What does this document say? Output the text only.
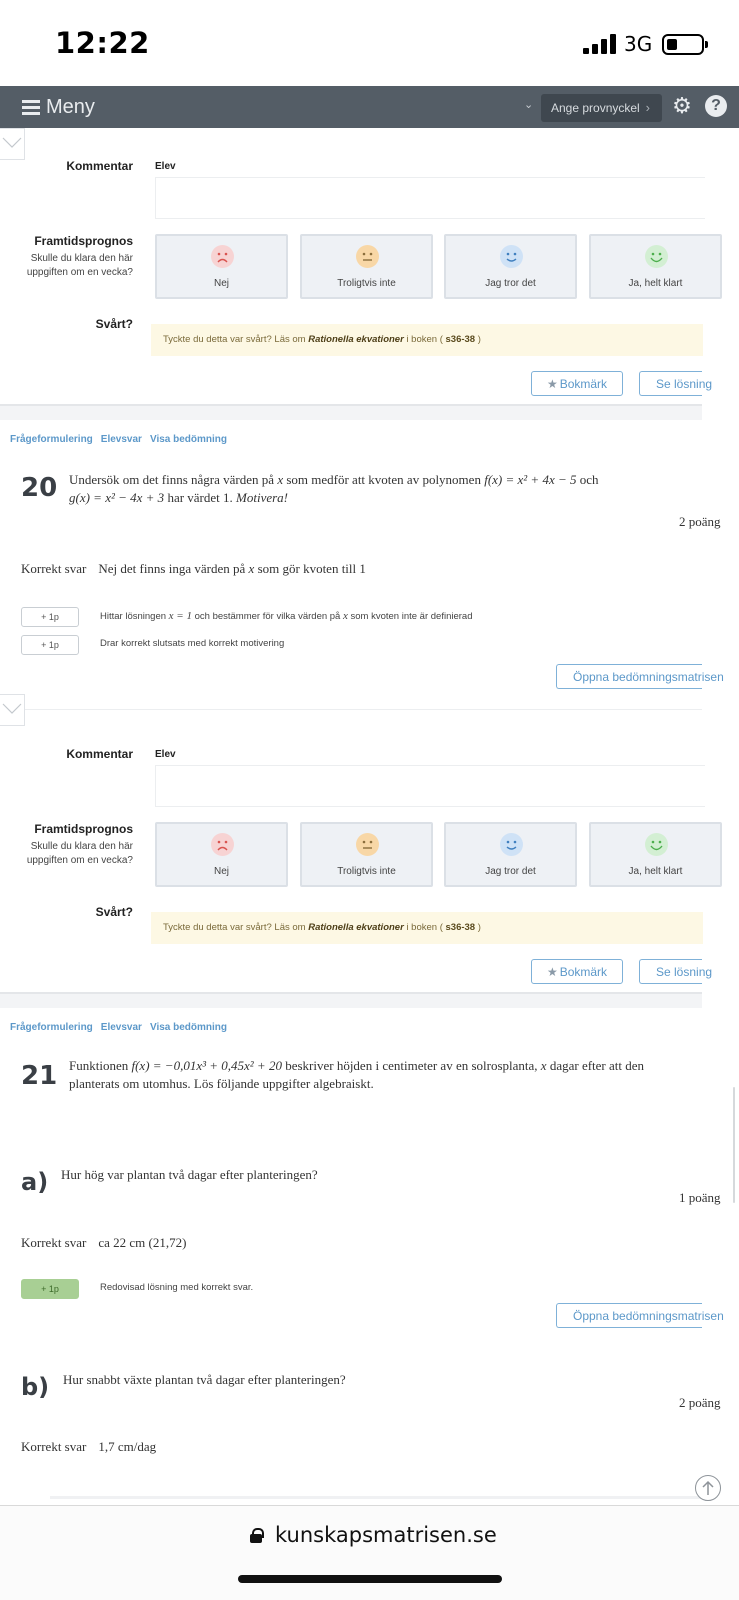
12:22	3G
Meny	⌄ Ange provnyckel › ⚙	?
Kommentar Elev
Framtidsprognos
Skulle du klara den här
uppgiften om en vecka?
Nej	Troligtvis inte	Jag tror det	Ja, helt klart
Svårt?
Tyckte du detta var svårt? Läs om Rationella ekvationer i boken ( s36-38 )
★ Bokmärk	Se lösning
Frågeformulering Elevsvar Visa bedömning
20 Undersök om det finns några värden på x som medför att kvoten av polynomen f(x) = x² + 4x − 5 och
g(x) = x² − 4x + 3 har värdet 1. Motivera!
2 poäng
Korrekt svar Nej det finns inga värden på x som gör kvoten till 1
+ 1p	Hittar lösningen x = 1 och bestämmer för vilka värden på x som kvoten inte är definierad
+ 1p	Drar korrekt slutsats med korrekt motivering
Öppna bedömningsmatrisen
Kommentar Elev
Framtidsprognos
Skulle du klara den här
uppgiften om en vecka?
Nej	Troligtvis inte	Jag tror det	Ja, helt klart
Svårt?
Tyckte du detta var svårt? Läs om Rationella ekvationer i boken ( s36-38 )
★ Bokmärk	Se lösning
Frågeformulering Elevsvar Visa bedömning
21 Funktionen f(x) = −0,01x³ + 0,45x² + 20 beskriver höjden i centimeter av en solrosplanta, x dagar efter att den
planterats om utomhus. Lös följande uppgifter algebraiskt.
a) Hur hög var plantan två dagar efter planteringen?
1 poäng
Korrekt svar ca 22 cm (21,72)
+ 1p	Redovisad lösning med korrekt svar.
Öppna bedömningsmatrisen
b) Hur snabbt växte plantan två dagar efter planteringen?
2 poäng
Korrekt svar 1,7 cm/dag
kunskapsmatrisen.se
